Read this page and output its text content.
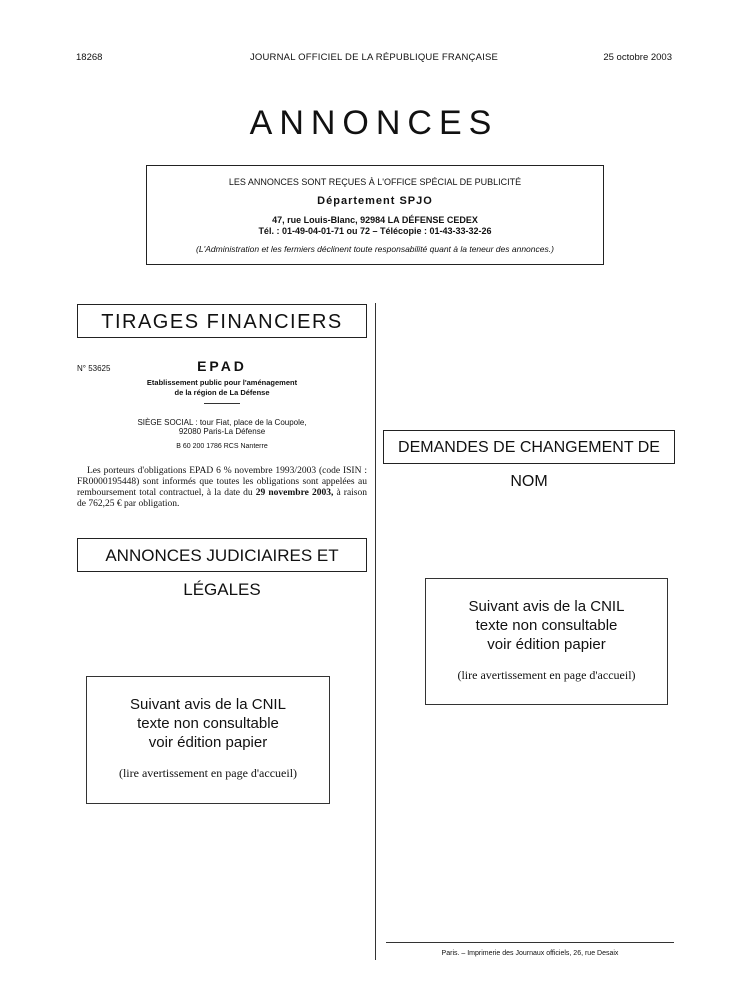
18268	JOURNAL OFFICIEL DE LA RÉPUBLIQUE FRANÇAISE	25 octobre 2003
ANNONCES
LES ANNONCES SONT REÇUES À L'OFFICE SPÉCIAL DE PUBLICITÉ
Département SPJO
47, rue Louis-Blanc, 92984 LA DÉFENSE CEDEX
Tél. : 01-49-04-01-71 ou 72 – Télécopie : 01-43-33-32-26
(L'Administration et les fermiers déclinent toute responsabilité quant à la teneur des annonces.)
TIRAGES FINANCIERS
N° 53625	EPAD
Etablissement public pour l'aménagement
de la région de La Défense
SIÈGE SOCIAL : tour Fiat, place de la Coupole,
92080 Paris-La Défense
B 60 200 1786 RCS Nanterre
Les porteurs d'obligations EPAD 6 % novembre 1993/2003 (code ISIN : FR0000195448) sont informés que toutes les obligations sont appelées au remboursement total contractuel, à la date du 29 novembre 2003, à raison de 762,25 € par obligation.
ANNONCES JUDICIAIRES ET LÉGALES
Suivant avis de la CNIL
texte non consultable
voir édition papier
(lire avertissement en page d'accueil)
DEMANDES DE CHANGEMENT DE NOM
Suivant avis de la CNIL
texte non consultable
voir édition papier
(lire avertissement en page d'accueil)
Paris. – Imprimerie des Journaux officiels, 26, rue Desaix
